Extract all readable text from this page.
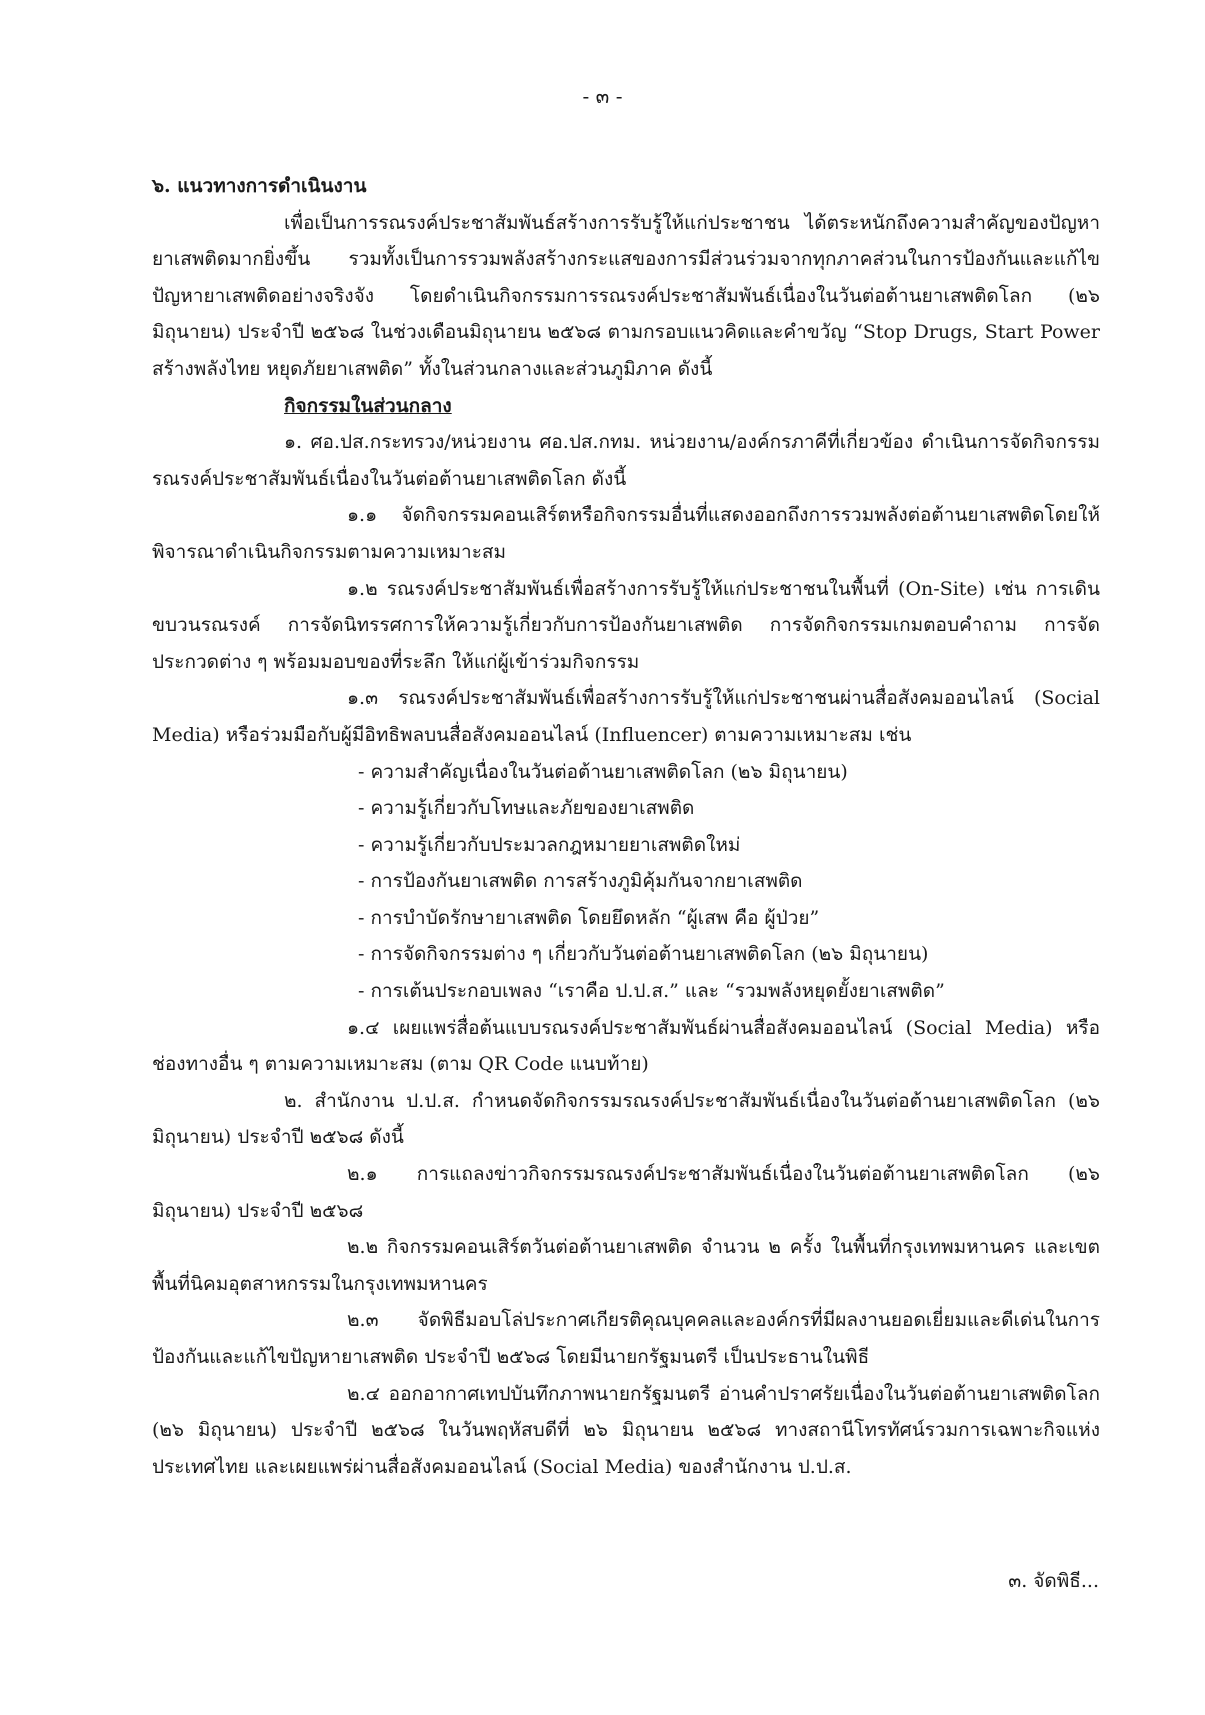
- ๓ -

๖. แนวทางการดำเนินงาน

เพื่อเป็นการรณรงค์ประชาสัมพันธ์สร้างการรับรู้ให้แก่ประชาชน ได้ตระหนักถึงความสำคัญของปัญหายาเสพติดมากยิ่งขึ้น รวมทั้งเป็นการรวมพลังสร้างกระแสของการมีส่วนร่วมจากทุกภาคส่วนในการป้องกันและแก้ไขปัญหายาเสพติดอย่างจริงจัง โดยดำเนินกิจกรรมการรณรงค์ประชาสัมพันธ์เนื่องในวันต่อต้านยาเสพติดโลก (๒๖ มิถุนายน) ประจำปี ๒๕๖๘ ในช่วงเดือนมิถุนายน ๒๕๖๘ ตามกรอบแนวคิดและคำขวัญ “Stop Drugs, Start Power สร้างพลังไทย หยุดภัยยาเสพติด” ทั้งในส่วนกลางและส่วนภูมิภาค ดังนี้

กิจกรรมในส่วนกลาง

๑. ศอ.ปส.กระทรวง/หน่วยงาน ศอ.ปส.กทม. หน่วยงาน/องค์กรภาคีที่เกี่ยวข้อง ดำเนินการจัดกิจกรรมรณรงค์ประชาสัมพันธ์เนื่องในวันต่อต้านยาเสพติดโลก ดังนี้

๑.๑ จัดกิจกรรมคอนเสิร์ตหรือกิจกรรมอื่นที่แสดงออกถึงการรวมพลังต่อต้านยาเสพติดโดยให้พิจารณาดำเนินกิจกรรมตามความเหมาะสม

๑.๒ รณรงค์ประชาสัมพันธ์เพื่อสร้างการรับรู้ให้แก่ประชาชนในพื้นที่ (On-Site) เช่น การเดินขบวนรณรงค์ การจัดนิทรรศการให้ความรู้เกี่ยวกับการป้องกันยาเสพติด การจัดกิจกรรมเกมตอบคำถาม การจัดประกวดต่าง ๆ พร้อมมอบของที่ระลึก ให้แก่ผู้เข้าร่วมกิจกรรม

๑.๓ รณรงค์ประชาสัมพันธ์เพื่อสร้างการรับรู้ให้แก่ประชาชนผ่านสื่อสังคมออนไลน์ (Social Media) หรือร่วมมือกับผู้มีอิทธิพลบนสื่อสังคมออนไลน์ (Influencer) ตามความเหมาะสม เช่น

- ความสำคัญเนื่องในวันต่อต้านยาเสพติดโลก (๒๖ มิถุนายน)
- ความรู้เกี่ยวกับโทษและภัยของยาเสพติด
- ความรู้เกี่ยวกับประมวลกฎหมายยาเสพติดใหม่
- การป้องกันยาเสพติด การสร้างภูมิคุ้มกันจากยาเสพติด
- การบำบัดรักษายาเสพติด โดยยึดหลัก “ผู้เสพ คือ ผู้ป่วย”
- การจัดกิจกรรมต่าง ๆ เกี่ยวกับวันต่อต้านยาเสพติดโลก (๒๖ มิถุนายน)
- การเต้นประกอบเพลง “เราคือ ป.ป.ส.” และ “รวมพลังหยุดยั้งยาเสพติด”

๑.๔ เผยแพร่สื่อต้นแบบรณรงค์ประชาสัมพันธ์ผ่านสื่อสังคมออนไลน์ (Social Media) หรือช่องทางอื่น ๆ ตามความเหมาะสม (ตาม QR Code แนบท้าย)

๒. สำนักงาน ป.ป.ส. กำหนดจัดกิจกรรมรณรงค์ประชาสัมพันธ์เนื่องในวันต่อต้านยาเสพติดโลก (๒๖ มิถุนายน) ประจำปี ๒๕๖๘ ดังนี้

๒.๑ การแถลงข่าวกิจกรรมรณรงค์ประชาสัมพันธ์เนื่องในวันต่อต้านยาเสพติดโลก (๒๖ มิถุนายน) ประจำปี ๒๕๖๘

๒.๒ กิจกรรมคอนเสิร์ตวันต่อต้านยาเสพติด จำนวน ๒ ครั้ง ในพื้นที่กรุงเทพมหานคร และเขตพื้นที่นิคมอุตสาหกรรมในกรุงเทพมหานคร

๒.๓ จัดพิธีมอบโล่ประกาศเกียรติคุณบุคคลและองค์กรที่มีผลงานยอดเยี่ยมและดีเด่นในการป้องกันและแก้ไขปัญหายาเสพติด ประจำปี ๒๕๖๘ โดยมีนายกรัฐมนตรี เป็นประธานในพิธี

๒.๔ ออกอากาศเทปบันทึกภาพนายกรัฐมนตรี อ่านคำปราศรัยเนื่องในวันต่อต้านยาเสพติดโลก (๒๖ มิถุนายน) ประจำปี ๒๕๖๘ ในวันพฤหัสบดีที่ ๒๖ มิถุนายน ๒๕๖๘ ทางสถานีโทรทัศน์รวมการเฉพาะกิจแห่งประเทศไทย และเผยแพร่ผ่านสื่อสังคมออนไลน์ (Social Media) ของสำนักงาน ป.ป.ส.

๓. จัดพิธี...
